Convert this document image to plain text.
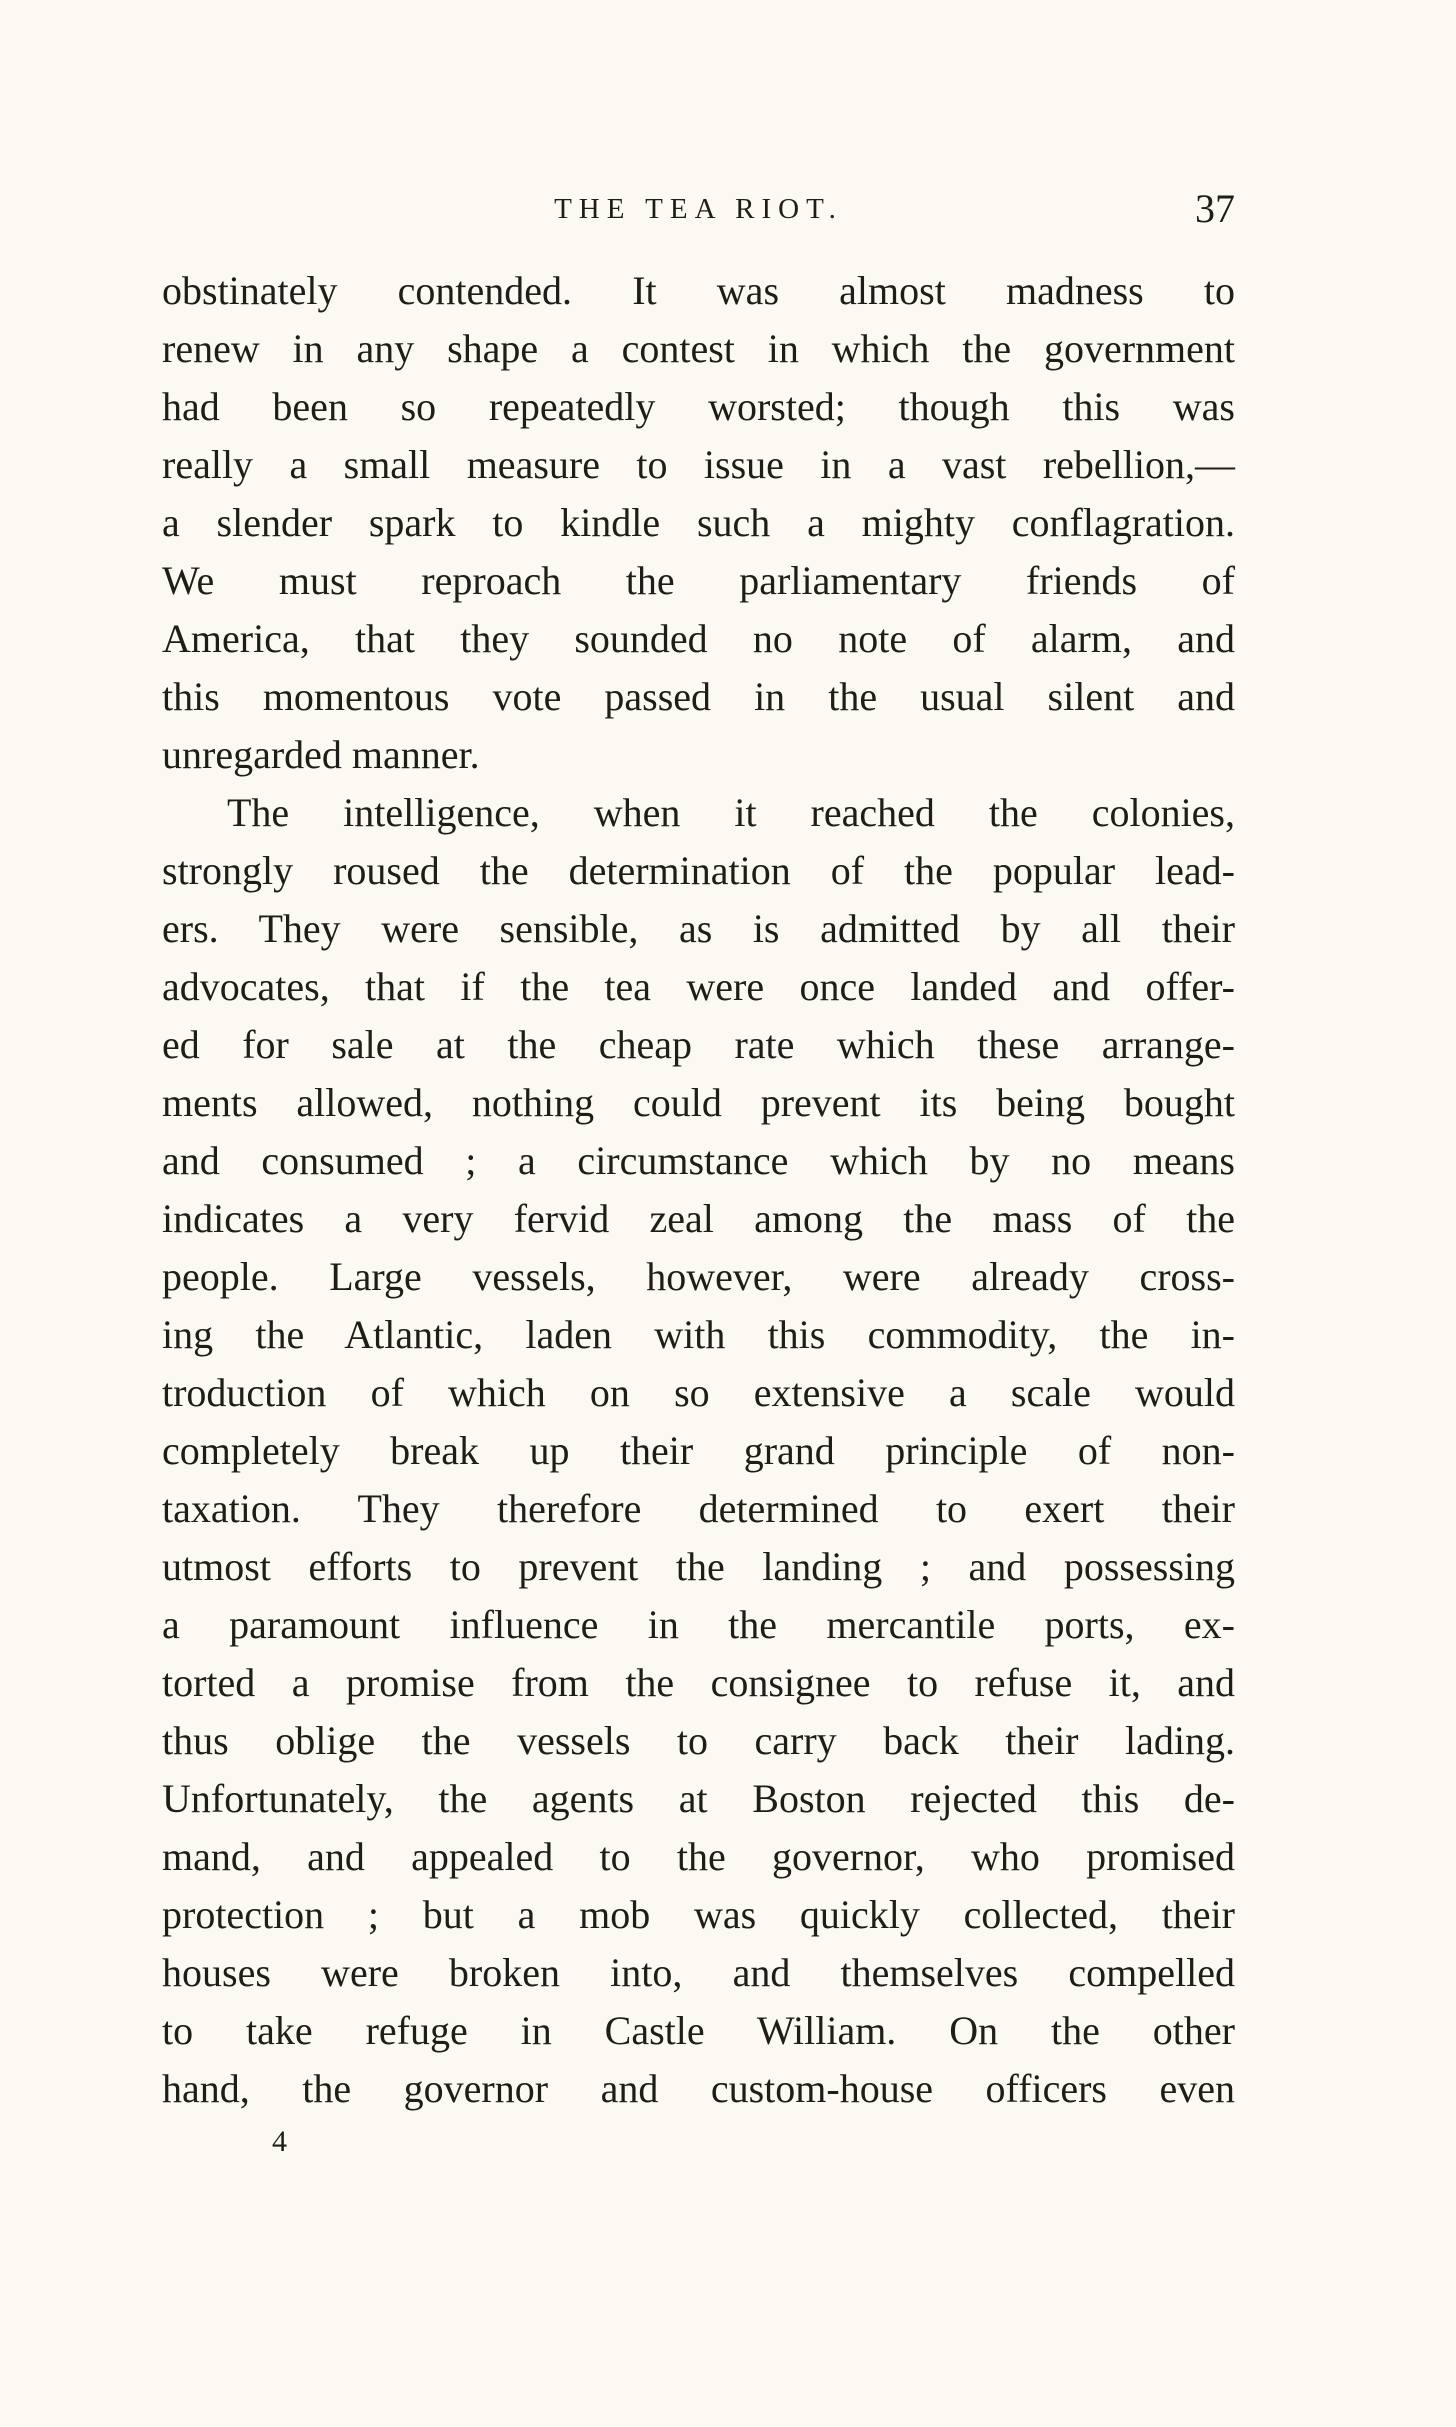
THE TEA RIOT.	37
obstinately contended. It was almost madness to
renew in any shape a contest in which the government
had been so repeatedly worsted; though this was
really a small measure to issue in a vast rebellion,—
a slender spark to kindle such a mighty conflagration.
We must reproach the parliamentary friends of
America, that they sounded no note of alarm, and
this momentous vote passed in the usual silent and
unregarded manner.
The intelligence, when it reached the colonies,
strongly roused the determination of the popular lead-
ers. They were sensible, as is admitted by all their
advocates, that if the tea were once landed and offer-
ed for sale at the cheap rate which these arrange-
ments allowed, nothing could prevent its being bought
and consumed ; a circumstance which by no means
indicates a very fervid zeal among the mass of the
people. Large vessels, however, were already cross-
ing the Atlantic, laden with this commodity, the in-
troduction of which on so extensive a scale would
completely break up their grand principle of non-
taxation. They therefore determined to exert their
utmost efforts to prevent the landing ; and possessing
a paramount influence in the mercantile ports, ex-
torted a promise from the consignee to refuse it, and
thus oblige the vessels to carry back their lading.
Unfortunately, the agents at Boston rejected this de-
mand, and appealed to the governor, who promised
protection ; but a mob was quickly collected, their
houses were broken into, and themselves compelled
to take refuge in Castle William. On the other
hand, the governor and custom-house officers even
4
